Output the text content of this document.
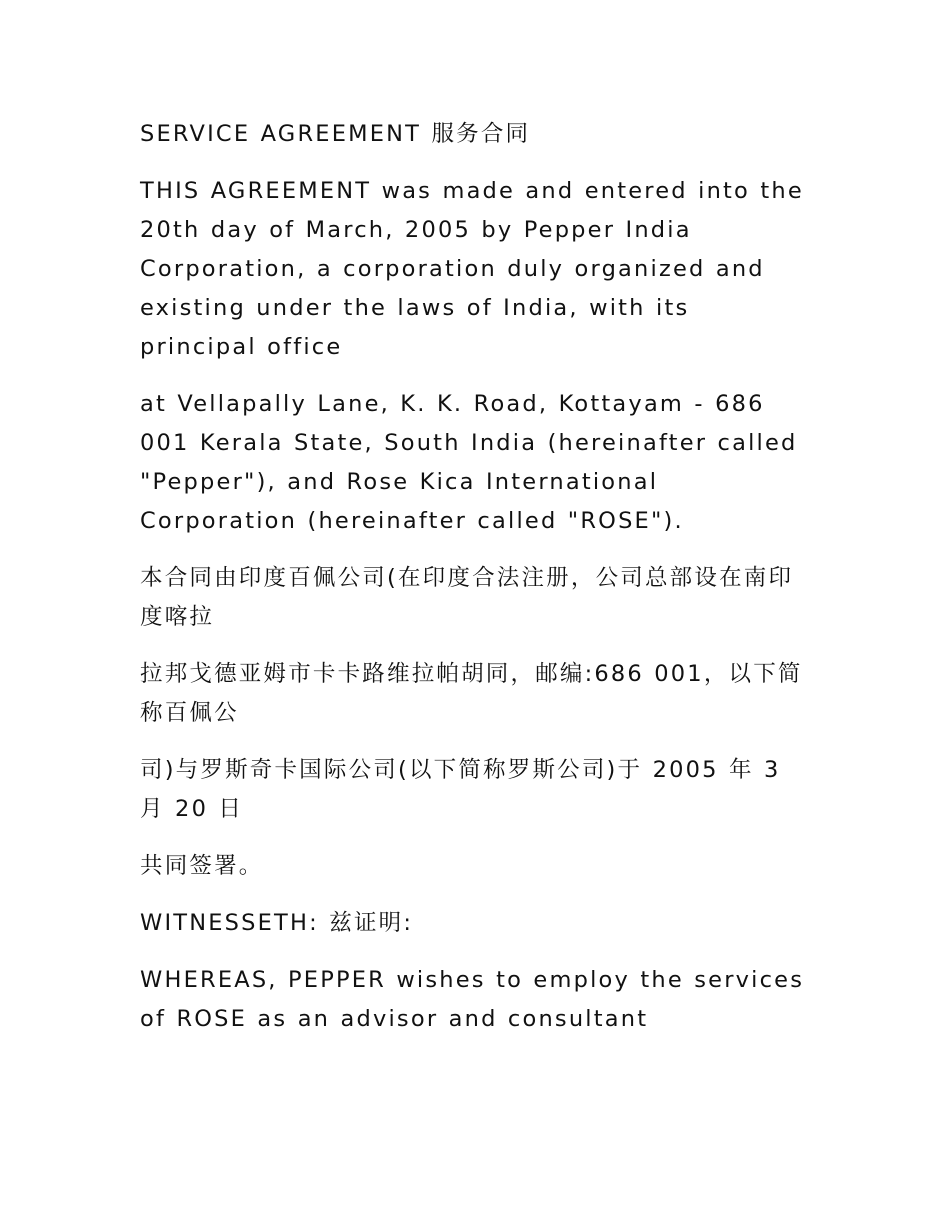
SERVICE AGREEMENT 服务合同

THIS AGREEMENT was made and entered into the 20th day of March, 2005 by Pepper India Corporation, a corporation duly organized and existing under the laws of India, with its principal office

at Vellapally Lane, K. K. Road, Kottayam - 686 001 Kerala State, South India (hereinafter called "Pepper"), and Rose Kica International Corporation (hereinafter called "ROSE").

本合同由印度百佩公司(在印度合法注册，公司总部设在南印度喀拉

拉邦戈德亚姆市卡卡路维拉帕胡同，邮编:686 001，以下简称百佩公

司)与罗斯奇卡国际公司(以下简称罗斯公司)于 2005 年 3 月 20 日

共同签署。

WITNESSETH: 兹证明:

WHEREAS, PEPPER wishes to employ the services of ROSE as an advisor and consultant
